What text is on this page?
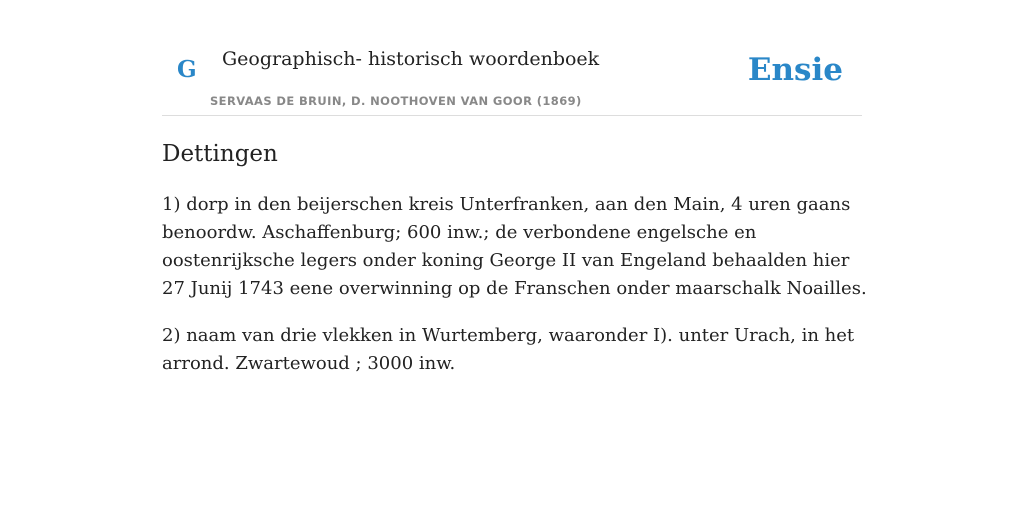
G Geographisch- historisch woordenboek
SERVAAS DE BRUIN, D. NOOTHOVEN VAN GOOR (1869)
Ensie
Dettingen

1) dorp in den beijerschen kreis Unterfranken, aan den Main, 4 uren gaans benoordw. Aschaffenburg; 600 inw.; de verbondene engelsche en oostenrijksche legers onder koning George II van Engeland behaalden hier 27 Junij 1743 eene overwinning op de Franschen onder maarschalk Noailles.

2) naam van drie vlekken in Wurtemberg, waaronder I). unter Urach, in het arrond. Zwartewoud ; 3000 inw.
